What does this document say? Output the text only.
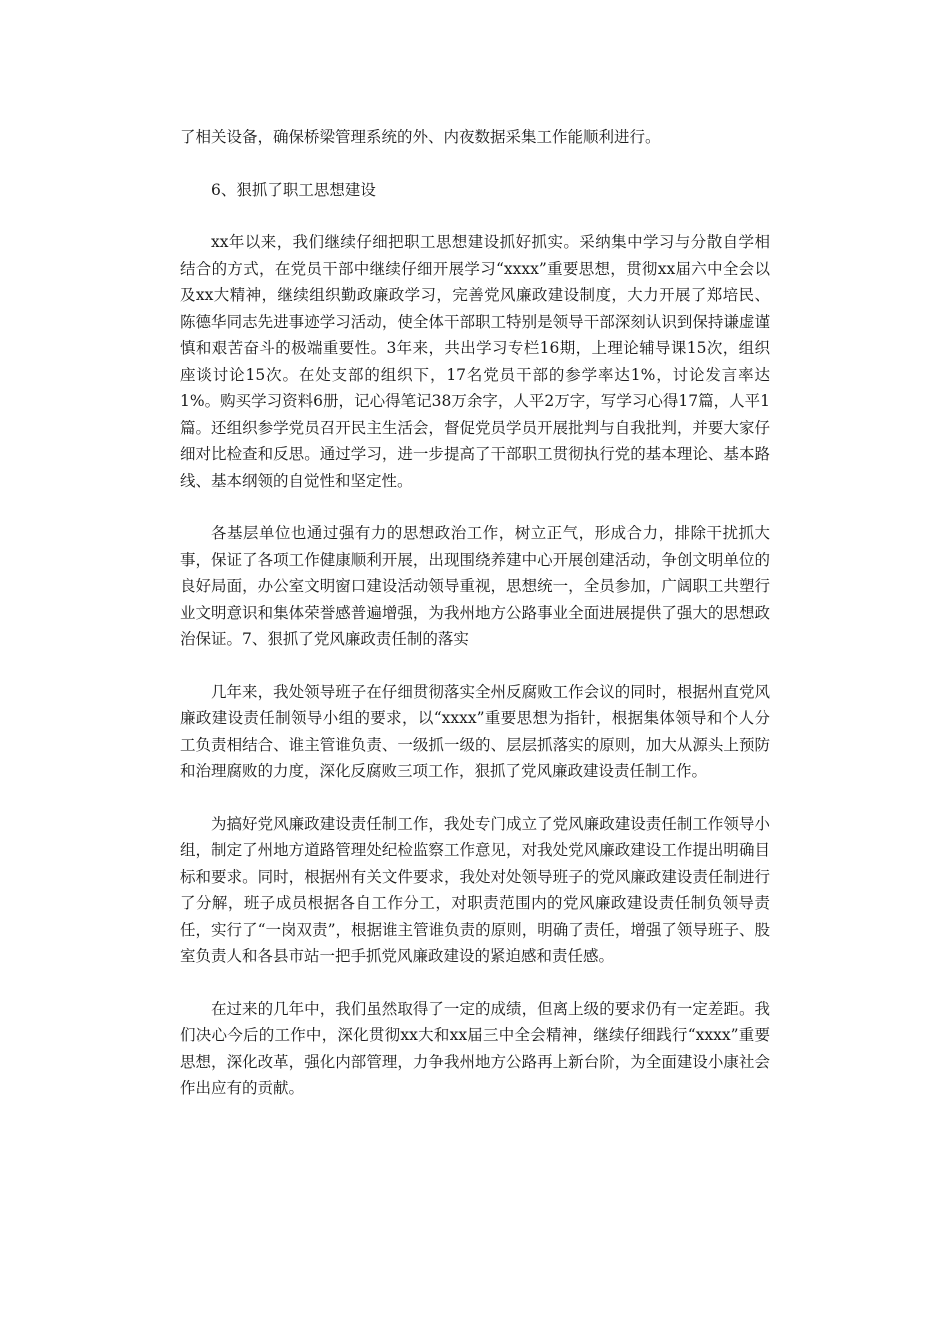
了相关设备，确保桥梁管理系统的外、内夜数据采集工作能顺利进行。

6、狠抓了职工思想建设

xx年以来，我们继续仔细把职工思想建设抓好抓实。采纳集中学习与分散自学相结合的方式，在党员干部中继续仔细开展学习“xxxx”重要思想，贯彻xx届六中全会以及xx大精神，继续组织勤政廉政学习，完善党风廉政建设制度，大力开展了郑培民、陈德华同志先进事迹学习活动，使全体干部职工特别是领导干部深刻认识到保持谦虚谨慎和艰苦奋斗的极端重要性。3年来，共出学习专栏16期，上理论辅导课15次，组织座谈讨论15次。在处支部的组织下，17名党员干部的参学率达1%，讨论发言率达1%。购买学习资料6册，记心得笔记38万余字，人平2万字，写学习心得17篇，人平1篇。还组织参学党员召开民主生活会，督促党员学员开展批判与自我批判，并要大家仔细对比检查和反思。通过学习，进一步提高了干部职工贯彻执行党的基本理论、基本路线、基本纲领的自觉性和坚定性。

各基层单位也通过强有力的思想政治工作，树立正气，形成合力，排除干扰抓大事，保证了各项工作健康顺利开展，出现围绕养建中心开展创建活动，争创文明单位的良好局面，办公室文明窗口建设活动领导重视，思想统一，全员参加，广阔职工共塑行业文明意识和集体荣誉感普遍增强，为我州地方公路事业全面进展提供了强大的思想政治保证。7、狠抓了党风廉政责任制的落实

几年来，我处领导班子在仔细贯彻落实全州反腐败工作会议的同时，根据州直党风廉政建设责任制领导小组的要求，以“xxxx”重要思想为指针，根据集体领导和个人分工负责相结合、谁主管谁负责、一级抓一级的、层层抓落实的原则，加大从源头上预防和治理腐败的力度，深化反腐败三项工作，狠抓了党风廉政建设责任制工作。

为搞好党风廉政建设责任制工作，我处专门成立了党风廉政建设责任制工作领导小组，制定了州地方道路管理处纪检监察工作意见，对我处党风廉政建设工作提出明确目标和要求。同时，根据州有关文件要求，我处对处领导班子的党风廉政建设责任制进行了分解，班子成员根据各自工作分工，对职责范围内的党风廉政建设责任制负领导责任，实行了“一岗双责”，根据谁主管谁负责的原则，明确了责任，增强了领导班子、股室负责人和各县市站一把手抓党风廉政建设的紧迫感和责任感。

在过来的几年中，我们虽然取得了一定的成绩，但离上级的要求仍有一定差距。我们决心今后的工作中，深化贯彻xx大和xx届三中全会精神，继续仔细践行“xxxx”重要思想，深化改革，强化内部管理，力争我州地方公路再上新台阶，为全面建设小康社会作出应有的贡献。
